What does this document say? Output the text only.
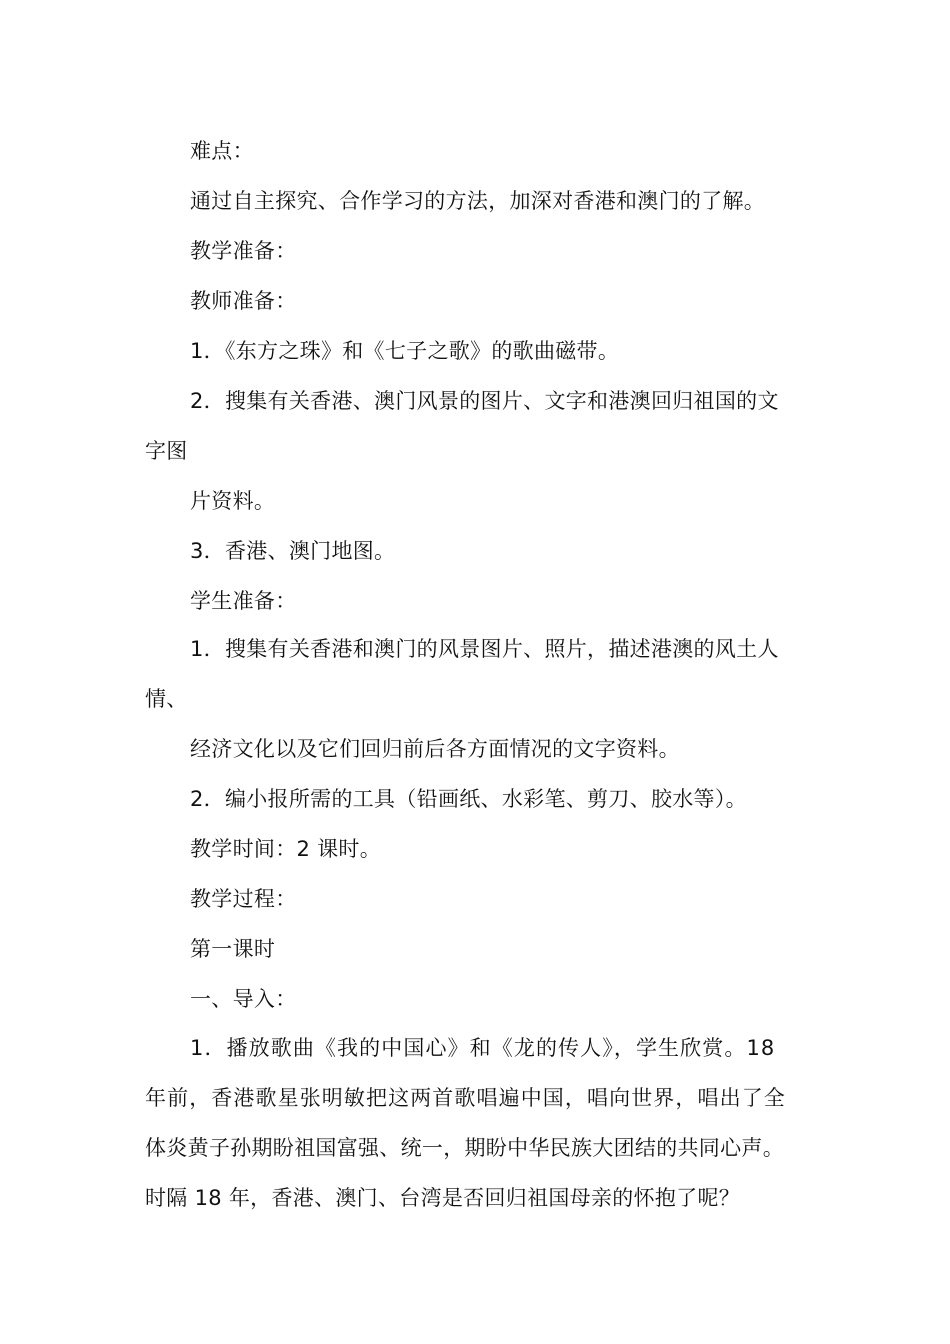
难点：
通过自主探究、合作学习的方法，加深对香港和澳门的了解。
教学准备：
教师准备：
1．《东方之珠》和《七子之歌》的歌曲磁带。
2．搜集有关香港、澳门风景的图片、文字和港澳回归祖国的文
字图
片资料。
3．香港、澳门地图。
学生准备：
1．搜集有关香港和澳门的风景图片、照片，描述港澳的风土人
情、
经济文化以及它们回归前后各方面情况的文字资料。
2．编小报所需的工具（铅画纸、水彩笔、剪刀、胶水等）。
教学时间：2 课时。
教学过程：
第一课时
一、导入：
1．播放歌曲《我的中国心》和《龙的传人》，学生欣赏。18
年前，香港歌星张明敏把这两首歌唱遍中国，唱向世界，唱出了全
体炎黄子孙期盼祖国富强、统一，期盼中华民族大团结的共同心声。
时隔 18 年，香港、澳门、台湾是否回归祖国母亲的怀抱了呢？
